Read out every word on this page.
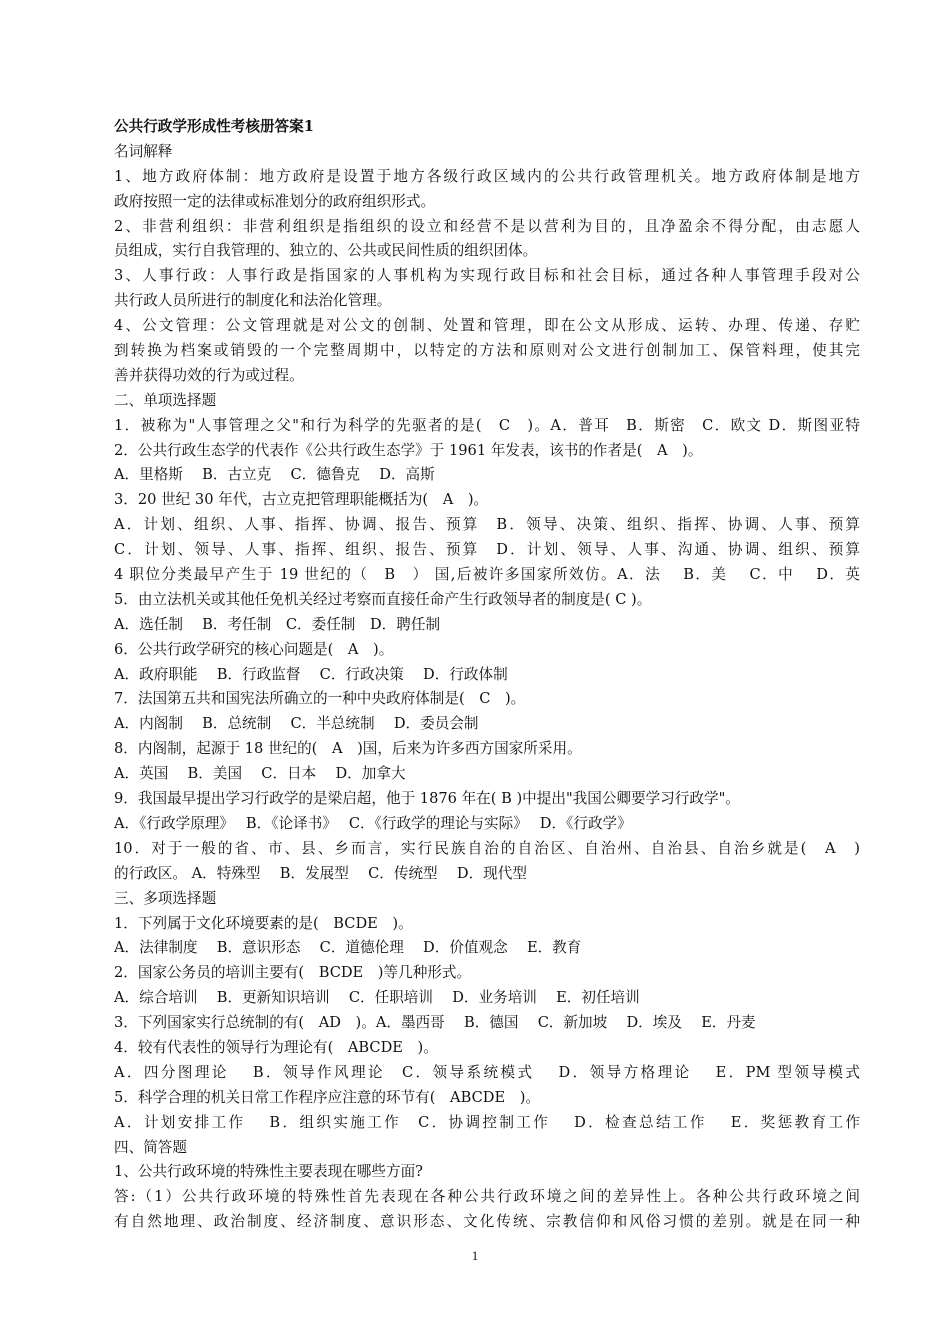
公共行政学形成性考核册答案1
名词解释
1、地方政府体制：地方政府是设置于地方各级行政区域内的公共行政管理机关。地方政府体制是地方
政府按照一定的法律或标准划分的政府组织形式。
2、非营利组织：非营利组织是指组织的设立和经营不是以营利为目的，且净盈余不得分配，由志愿人
员组成，实行自我管理的、独立的、公共或民间性质的组织团体。
3、人事行政：人事行政是指国家的人事机构为实现行政目标和社会目标，通过各种人事管理手段对公
共行政人员所进行的制度化和法治化管理。
4、公文管理：公文管理就是对公文的创制、处置和管理，即在公文从形成、运转、办理、传递、存贮
到转换为档案或销毁的一个完整周期中，以特定的方法和原则对公文进行创制加工、保管料理，使其完
善并获得功效的行为或过程。
二、单项选择题
1．被称为"人事管理之父"和行为科学的先驱者的是(　C　)。A．普耳　B．斯密　C．欧文 D．斯图亚特
2．公共行政生态学的代表作《公共行政生态学》于 1961 年发表，该书的作者是(　A　)。
A．里格斯　 B．古立克　 C．德鲁克　 D．高斯
3．20 世纪 30 年代，古立克把管理职能概括为(　A　)。
A．计划、组织、人事、指挥、协调、报告、预算　B．领导、决策、组织、指挥、协调、人事、预算
C．计划、领导、人事、指挥、组织、报告、预算　D．计划、领导、人事、沟通、协调、组织、预算
4 职位分类最早产生于 19 世纪的（　B　） 国,后被许多国家所效仿。A．法　 B．美　 C．中　 D．英
5．由立法机关或其他任免机关经过考察而直接任命产生行政领导者的制度是( C )。
A．选任制　 B．考任制　C．委任制　D．聘任制
6．公共行政学研究的核心问题是(　A　)。
A．政府职能　 B．行政监督　 C．行政决策　 D．行政体制
7．法国第五共和国宪法所确立的一种中央政府体制是(　C　)。
A．内阁制　 B．总统制　 C．半总统制　 D．委员会制
8．内阁制，起源于 18 世纪的(　A　)国，后来为许多西方国家所采用。
A．英国　 B．美国　 C．日本　 D．加拿大
9．我国最早提出学习行政学的是梁启超，他于 1876 年在( B )中提出"我国公卿要学习行政学"。
A．《行政学原理》　 B．《论译书》　 C．《行政学的理论与实际》　 D．《行政学》
10．对于一般的省、市、县、乡而言，实行民族自治的自治区、自治州、自治县、自治乡就是(　A　)
的行政区。 A．特殊型　 B．发展型　 C．传统型　 D．现代型
三、多项选择题
1．下列属于文化环境要素的是(　BCDE　)。
A．法律制度　 B．意识形态　 C．道德伦理　 D．价值观念　 E．教育
2．国家公务员的培训主要有(　BCDE　)等几种形式。
A．综合培训　 B．更新知识培训　 C．任职培训　 D．业务培训　 E．初任培训
3．下列国家实行总统制的有(　AD　)。A．墨西哥　 B．德国　 C．新加坡　 D．埃及　 E．丹麦
4．较有代表性的领导行为理论有(　ABCDE　)。
A．四分图理论　 B．领导作风理论　C．领导系统模式　 D．领导方格理论　 E．PM 型领导模式
5．科学合理的机关日常工作程序应注意的环节有(　ABCDE　)。
A．计划安排工作　 B．组织实施工作　C．协调控制工作　 D．检查总结工作　 E．奖惩教育工作
四、简答题
1、公共行政环境的特殊性主要表现在哪些方面?
答:（1）公共行政环境的特殊性首先表现在各种公共行政环境之间的差异性上。各种公共行政环境之间
有自然地理、政治制度、经济制度、意识形态、文化传统、宗教信仰和风俗习惯的差别。就是在同一种
1
